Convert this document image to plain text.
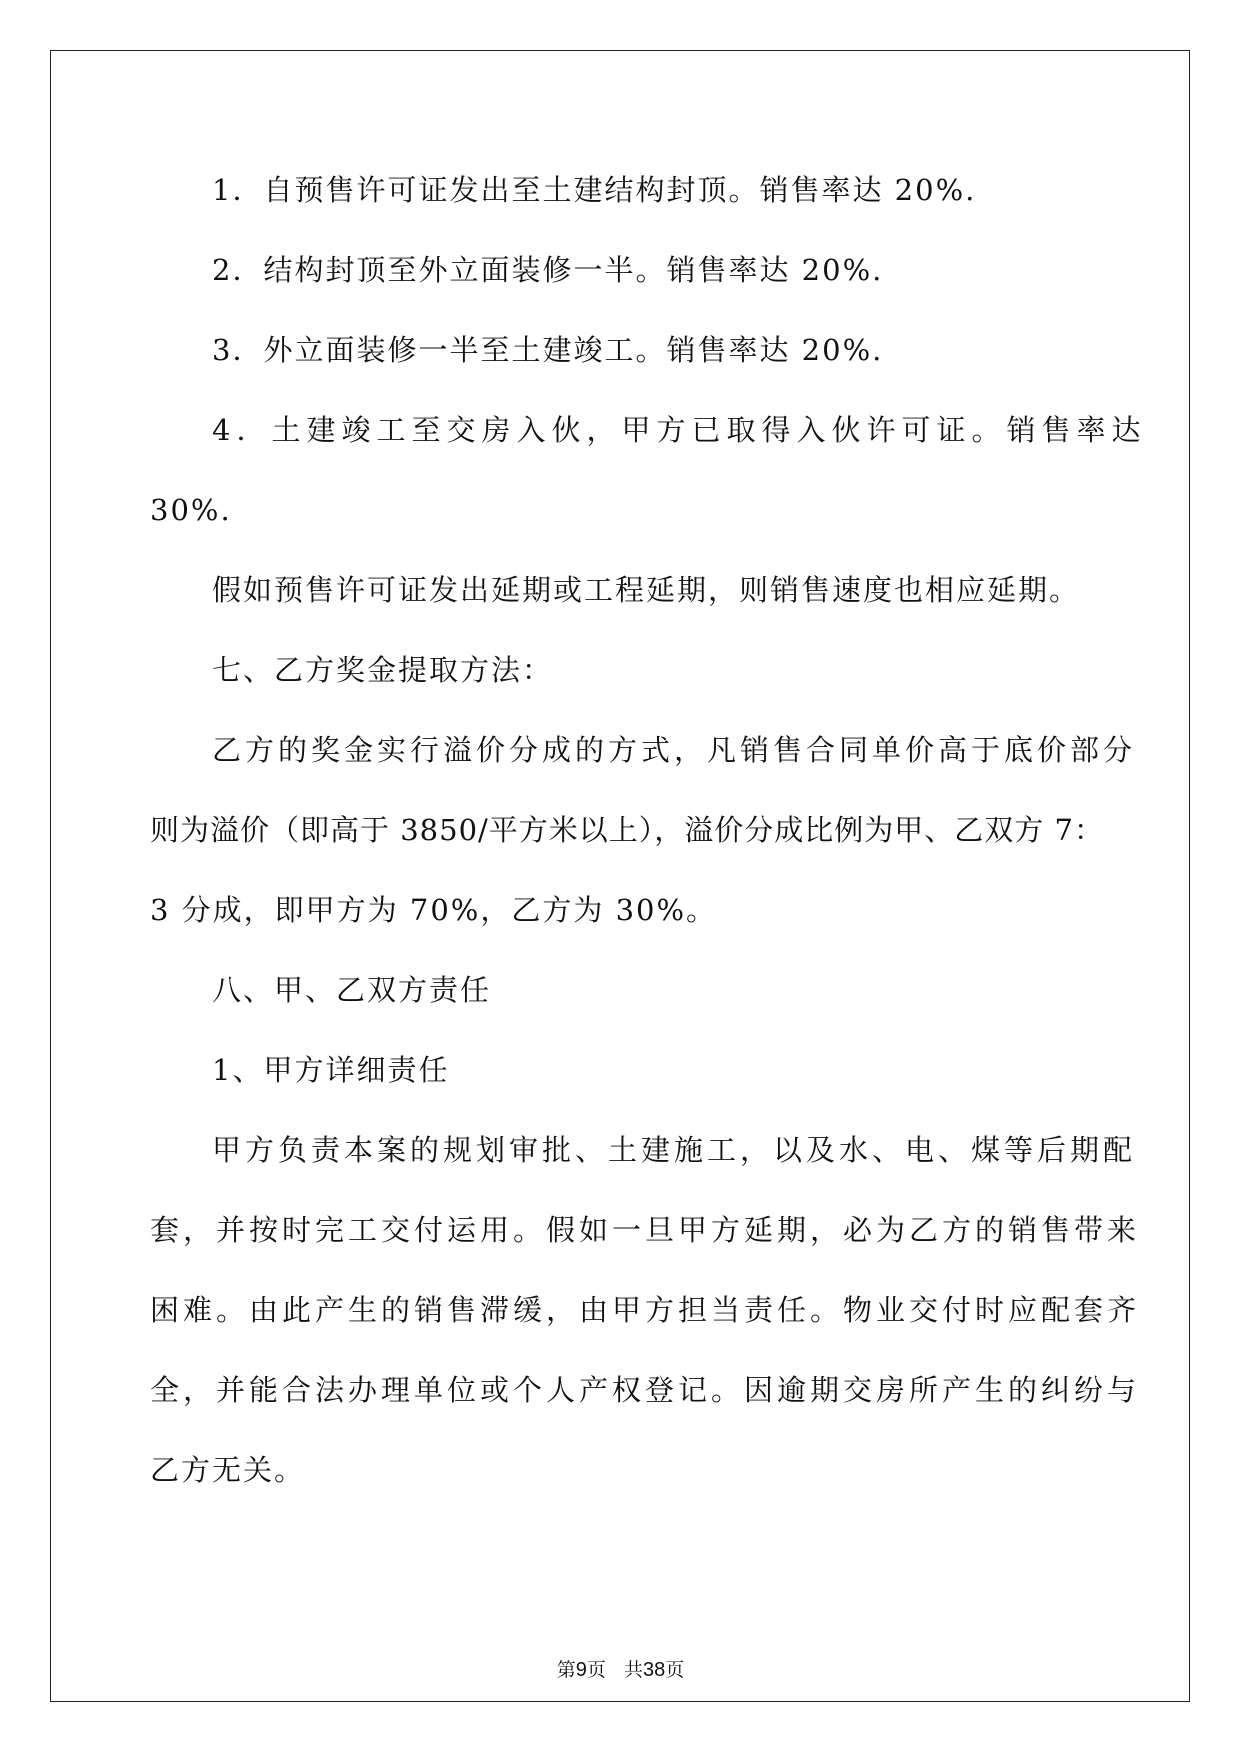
1．自预售许可证发出至土建结构封顶。销售率达 20%.
2．结构封顶至外立面装修一半。销售率达 20%.
3．外立面装修一半至土建竣工。销售率达 20%.
4．土建竣工至交房入伙，甲方已取得入伙许可证。销售率达
30%.
假如预售许可证发出延期或工程延期，则销售速度也相应延期。
七、乙方奖金提取方法：
乙方的奖金实行溢价分成的方式，凡销售合同单价高于底价部分
则为溢价（即高于 3850/平方米以上），溢价分成比例为甲、乙双方 7：
3 分成，即甲方为 70%，乙方为 30%。
八、甲、乙双方责任
1、甲方详细责任
甲方负责本案的规划审批、土建施工，以及水、电、煤等后期配
套，并按时完工交付运用。假如一旦甲方延期，必为乙方的销售带来
困难。由此产生的销售滞缓，由甲方担当责任。物业交付时应配套齐
全，并能合法办理单位或个人产权登记。因逾期交房所产生的纠纷与
乙方无关。
第9页 共38页
